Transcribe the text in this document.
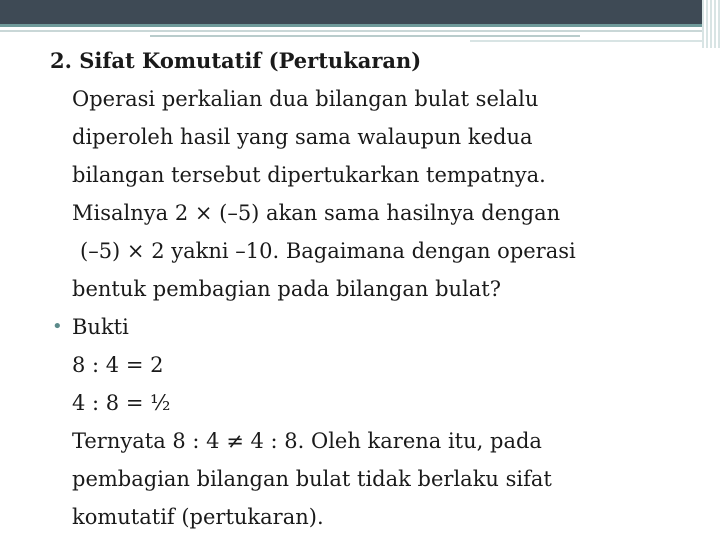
2. Sifat Komutatif (Pertukaran)

Operasi perkalian dua bilangan bulat selalu
diperoleh hasil yang sama walaupun kedua
bilangan tersebut dipertukarkan tempatnya.
Misalnya 2 × (–5) akan sama hasilnya dengan
(–5) × 2 yakni –10. Bagaimana dengan operasi
bentuk pembagian pada bilangan bulat?

• Bukti
8 : 4 = 2
4 : 8 = ½
Ternyata 8 : 4 ≠ 4 : 8. Oleh karena itu, pada
pembagian bilangan bulat tidak berlaku sifat
komutatif (pertukaran).
